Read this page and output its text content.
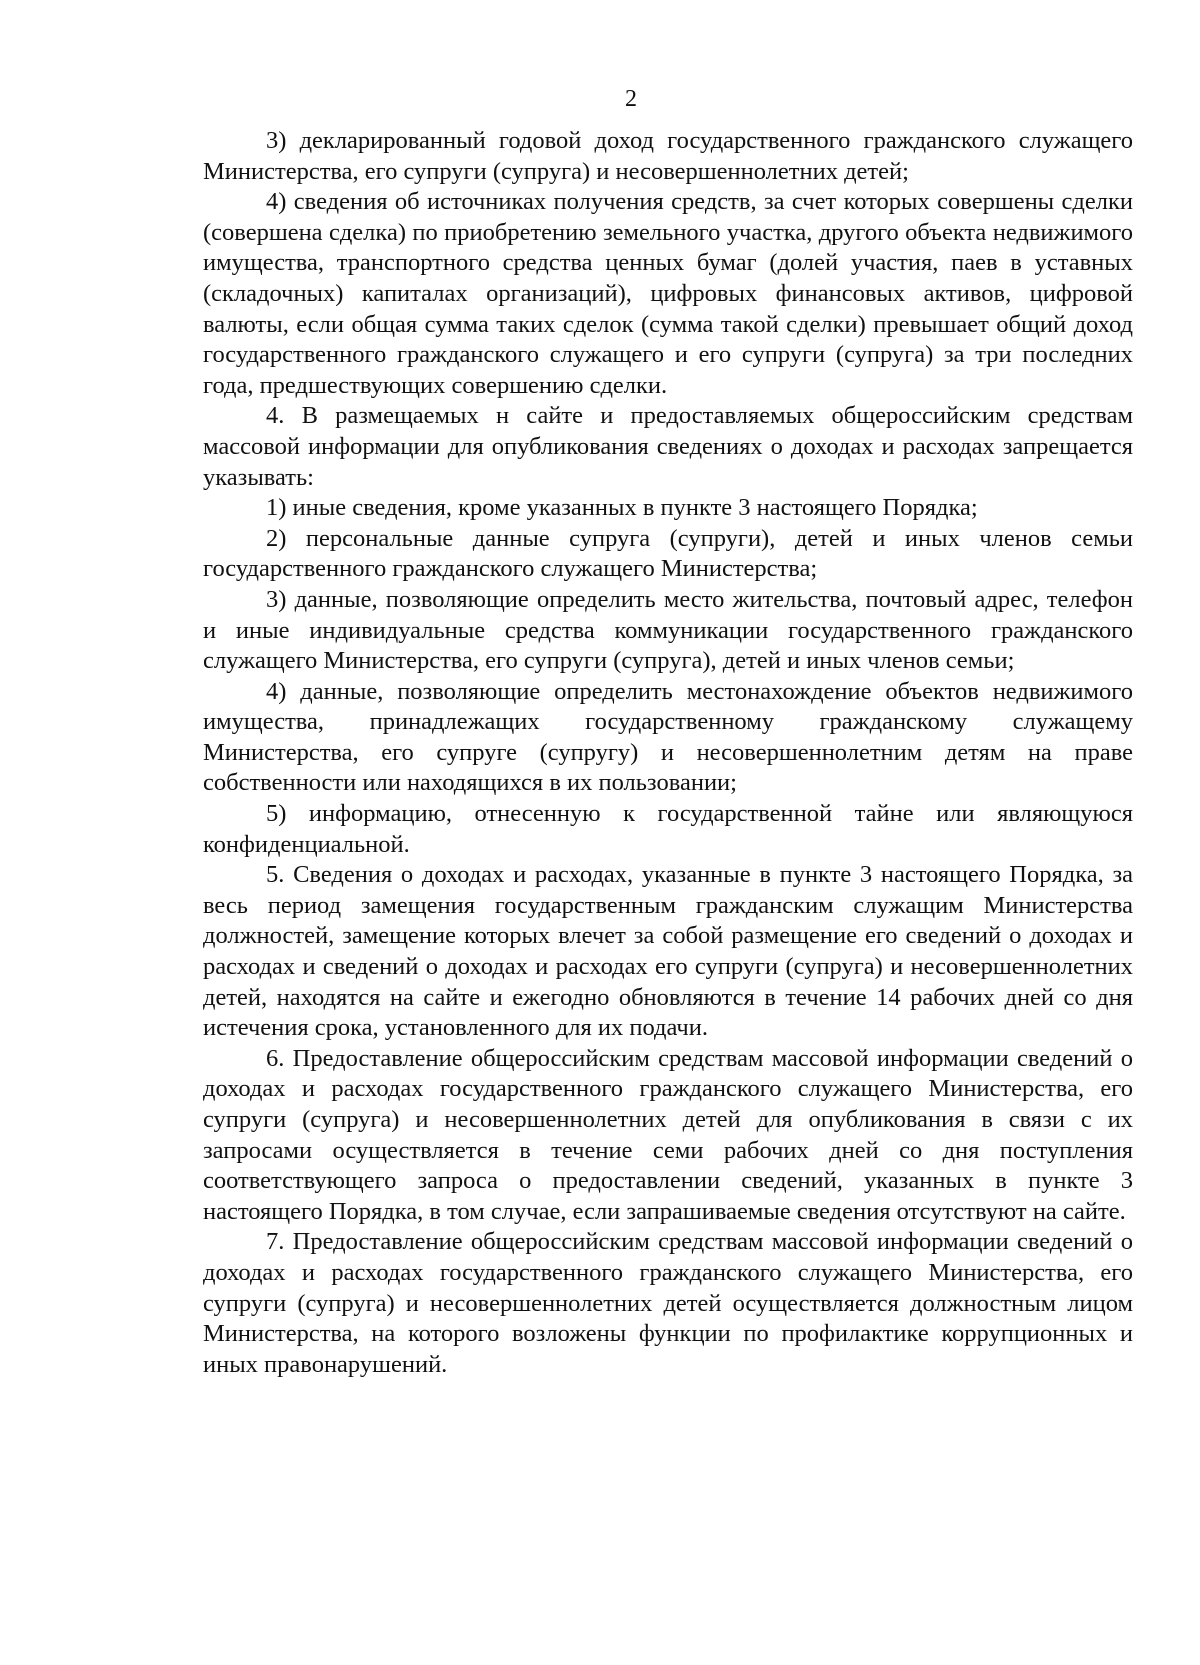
2

3) декларированный годовой доход государственного гражданского служащего Министерства, его супруги (супруга) и несовершеннолетних детей;

4) сведения об источниках получения средств, за счет которых совершены сделки (совершена сделка) по приобретению земельного участка, другого объекта недвижимого имущества, транспортного средства ценных бумаг (долей участия, паев в уставных (складочных) капиталах организаций), цифровых финансовых активов, цифровой валюты, если общая сумма таких сделок (сумма такой сделки) превышает общий доход государственного гражданского служащего и его супруги (супруга) за три последних года, предшествующих совершению сделки.

4. В размещаемых н сайте и предоставляемых общероссийским средствам массовой информации для опубликования сведениях о доходах и расходах запрещается указывать:

1) иные сведения, кроме указанных в пункте 3 настоящего Порядка;

2) персональные данные супруга (супруги), детей и иных членов семьи государственного гражданского служащего Министерства;

3) данные, позволяющие определить место жительства, почтовый адрес, телефон и иные индивидуальные средства коммуникации государственного гражданского служащего Министерства, его супруги (супруга), детей и иных членов семьи;

4) данные, позволяющие определить местонахождение объектов недвижимого имущества, принадлежащих государственному гражданскому служащему Министерства, его супруге (супругу) и несовершеннолетним детям на праве собственности или находящихся в их пользовании;

5) информацию, отнесенную к государственной тайне или являющуюся конфиденциальной.

5. Сведения о доходах и расходах, указанные в пункте 3 настоящего Порядка, за весь период замещения государственным гражданским служащим Министерства должностей, замещение которых влечет за собой размещение его сведений о доходах и расходах и сведений о доходах и расходах его супруги (супруга) и несовершеннолетних детей, находятся на сайте и ежегодно обновляются в течение 14 рабочих дней со дня истечения срока, установленного для их подачи.

6. Предоставление общероссийским средствам массовой информации сведений о доходах и расходах государственного гражданского служащего Министерства, его супруги (супруга) и несовершеннолетних детей для опубликования в связи с их запросами осуществляется в течение семи рабочих дней со дня поступления соответствующего запроса о предоставлении сведений, указанных в пункте 3 настоящего Порядка, в том случае, если запрашиваемые сведения отсутствуют на сайте.

7. Предоставление общероссийским средствам массовой информации сведений о доходах и расходах государственного гражданского служащего Министерства, его супруги (супруга) и несовершеннолетних детей осуществляется должностным лицом Министерства, на которого возложены функции по профилактике коррупционных и иных правонарушений.
